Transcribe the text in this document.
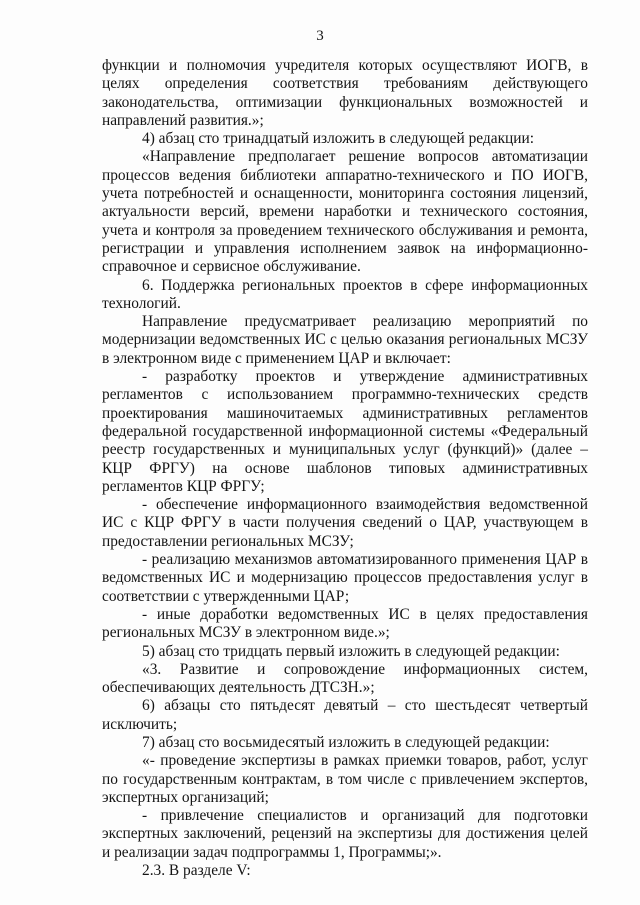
3

функции и полномочия учредителя которых осуществляют ИОГВ, в целях определения соответствия требованиям действующего законодательства, оптимизации функциональных возможностей и направлений развития.»;

4) абзац сто тринадцатый изложить в следующей редакции:

«Направление предполагает решение вопросов автоматизации процессов ведения библиотеки аппаратно-технического и ПО ИОГВ, учета потребностей и оснащенности, мониторинга состояния лицензий, актуальности версий, времени наработки и технического состояния, учета и контроля за проведением технического обслуживания и ремонта, регистрации и управления исполнением заявок на информационно-справочное и сервисное обслуживание.

6. Поддержка региональных проектов в сфере информационных технологий.

Направление предусматривает реализацию мероприятий по модернизации ведомственных ИС с целью оказания региональных МСЗУ в электронном виде с применением ЦАР и включает:

- разработку проектов и утверждение административных регламентов с использованием программно-технических средств проектирования машиночитаемых административных регламентов федеральной государственной информационной системы «Федеральный реестр государственных и муниципальных услуг (функций)» (далее – КЦР ФРГУ) на основе шаблонов типовых административных регламентов КЦР ФРГУ;

- обеспечение информационного взаимодействия ведомственной ИС с КЦР ФРГУ в части получения сведений о ЦАР, участвующем в предоставлении региональных МСЗУ;

- реализацию механизмов автоматизированного применения ЦАР в ведомственных ИС и модернизацию процессов предоставления услуг в соответствии с утвержденными ЦАР;

- иные доработки ведомственных ИС в целях предоставления региональных МСЗУ в электронном виде.»;

5) абзац сто тридцать первый изложить в следующей редакции:

«3. Развитие и сопровождение информационных систем, обеспечивающих деятельность ДТСЗН.»;

6) абзацы сто пятьдесят девятый – сто шестьдесят четвертый исключить;

7) абзац сто восьмидесятый изложить в следующей редакции:

«- проведение экспертизы в рамках приемки товаров, работ, услуг по государственным контрактам, в том числе с привлечением экспертов, экспертных организаций;

- привлечение специалистов и организаций для подготовки экспертных заключений, рецензий на экспертизы для достижения целей и реализации задач подпрограммы 1, Программы;».

2.3. В разделе V:
